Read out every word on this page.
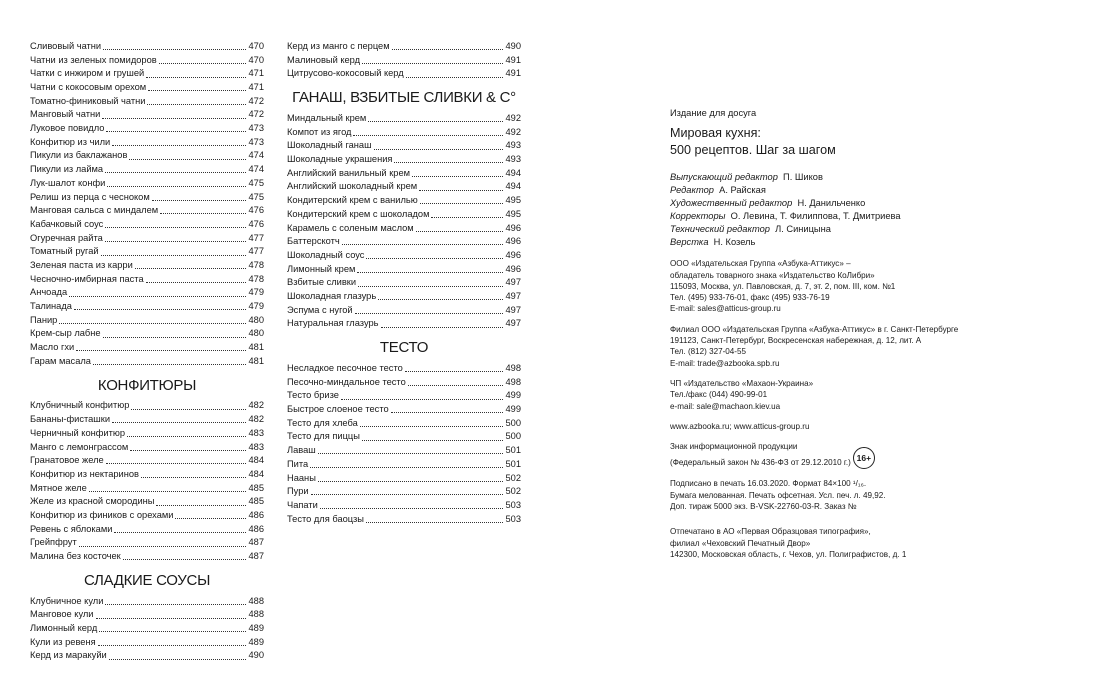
Сливовый чатни	470
Чатни из зеленых помидоров	470
Чатки с инжиром и грушей	471
Чатни с кокосовым орехом	471
Томатно-финиковый чатни	472
Манговый чатни	472
Луковое повидло	473
Конфитюр из чили	473
Пикули из баклажанов	474
Пикули из лайма	474
Лук-шалот конфи	475
Релиш из перца с чесноком	475
Манговая сальса с миндалем	476
Кабачковый соус	476
Огуречная райта	477
Томатный ругай	477
Зеленая паста из карри	478
Чесночно-имбирная паста	478
Анчоада	479
Талинада	479
Панир	480
Крем-сыр лабне	480
Масло гхи	481
Гарам масала	481
КОНФИТЮРЫ
Клубничный конфитюр	482
Бананы-фисташки	482
Черничный конфитюр	483
Манго с лемонграссом	483
Гранатовое желе	484
Конфитюр из нектаринов	484
Мятное желе	485
Желе из красной смородины	485
Конфитюр из фиников с орехами	486
Ревень с яблоками	486
Грейпфрут	487
Малина без косточек	487
СЛАДКИЕ СОУСЫ
Клубничное кули	488
Манговое кули	488
Лимонный керд	489
Кули из ревеня	489
Керд из маракуйи	490
Керд из манго с перцем	490
Малиновый керд	491
Цитрусово-кокосовый керд	491
ГАНАШ, ВЗБИТЫЕ СЛИВКИ & С°
Миндальный крем	492
Компот из ягод	492
Шоколадный ганаш	493
Шоколадные украшения	493
Английский ванильный крем	494
Английский шоколадный крем	494
Кондитерский крем с ванилью	495
Кондитерский крем с шоколадом	495
Карамель с соленым маслом	496
Баттерскотч	496
Шоколадный соус	496
Лимонный крем	496
Взбитые сливки	497
Шоколадная глазурь	497
Эспума с нугой	497
Натуральная глазурь	497
ТЕСТО
Несладкое песочное тесто	498
Песочно-миндальное тесто	498
Тесто бризе	499
Быстрое слоеное тесто	499
Тесто для хлеба	500
Тесто для пиццы	500
Лаваш	501
Пита	501
Нааны	502
Пури	502
Чапати	503
Тесто для баоцзы	503
Издание для досуга
Мировая кухня:
500 рецептов. Шаг за шагом
Выпускающий редактор П. Шиков
Редактор А. Райская
Художественный редактор Н. Данильченко
Корректоры О. Левина, Т. Филиппова, Т. Дмитриева
Технический редактор Л. Синицына
Верстка Н. Козель
ООО «Издательская Группа «Азбука-Аттикус» –
обладатель товарного знака «Издательство КоЛибри»
115093, Москва, ул. Павловская, д. 7, эт. 2, пом. III, ком. №1
Тел. (495) 933-76-01, факс (495) 933-76-19
E-mail: sales@atticus-group.ru
Филиал ООО «Издательская Группа «Азбука-Аттикус» в г. Санкт-Петербурге
191123, Санкт-Петербург, Воскресенская набережная, д. 12, лит. А
Тел. (812) 327-04-55
E-mail: trade@azbooka.spb.ru
ЧП «Издательство «Махаон-Украина»
Тел./факс (044) 490-99-01
e-mail: sale@machaon.kiev.ua
www.azbooka.ru; www.atticus-group.ru
Знак информационной продукции
(Федеральный закон № 436-ФЗ от 29.12.2010 г.) 16+
Подписано в печать 16.03.2020. Формат 84×100 ¹/₁₆.
Бумага мелованная. Печать офсетная. Усл. печ. л. 49,92.
Доп. тираж 5000 экз. B-VSK-22760-03-R. Заказ №
Отпечатано в АО «Первая Образцовая типография»,
филиал «Чеховский Печатный Двор»
142300, Московская область, г. Чехов, ул. Полиграфистов, д. 1
